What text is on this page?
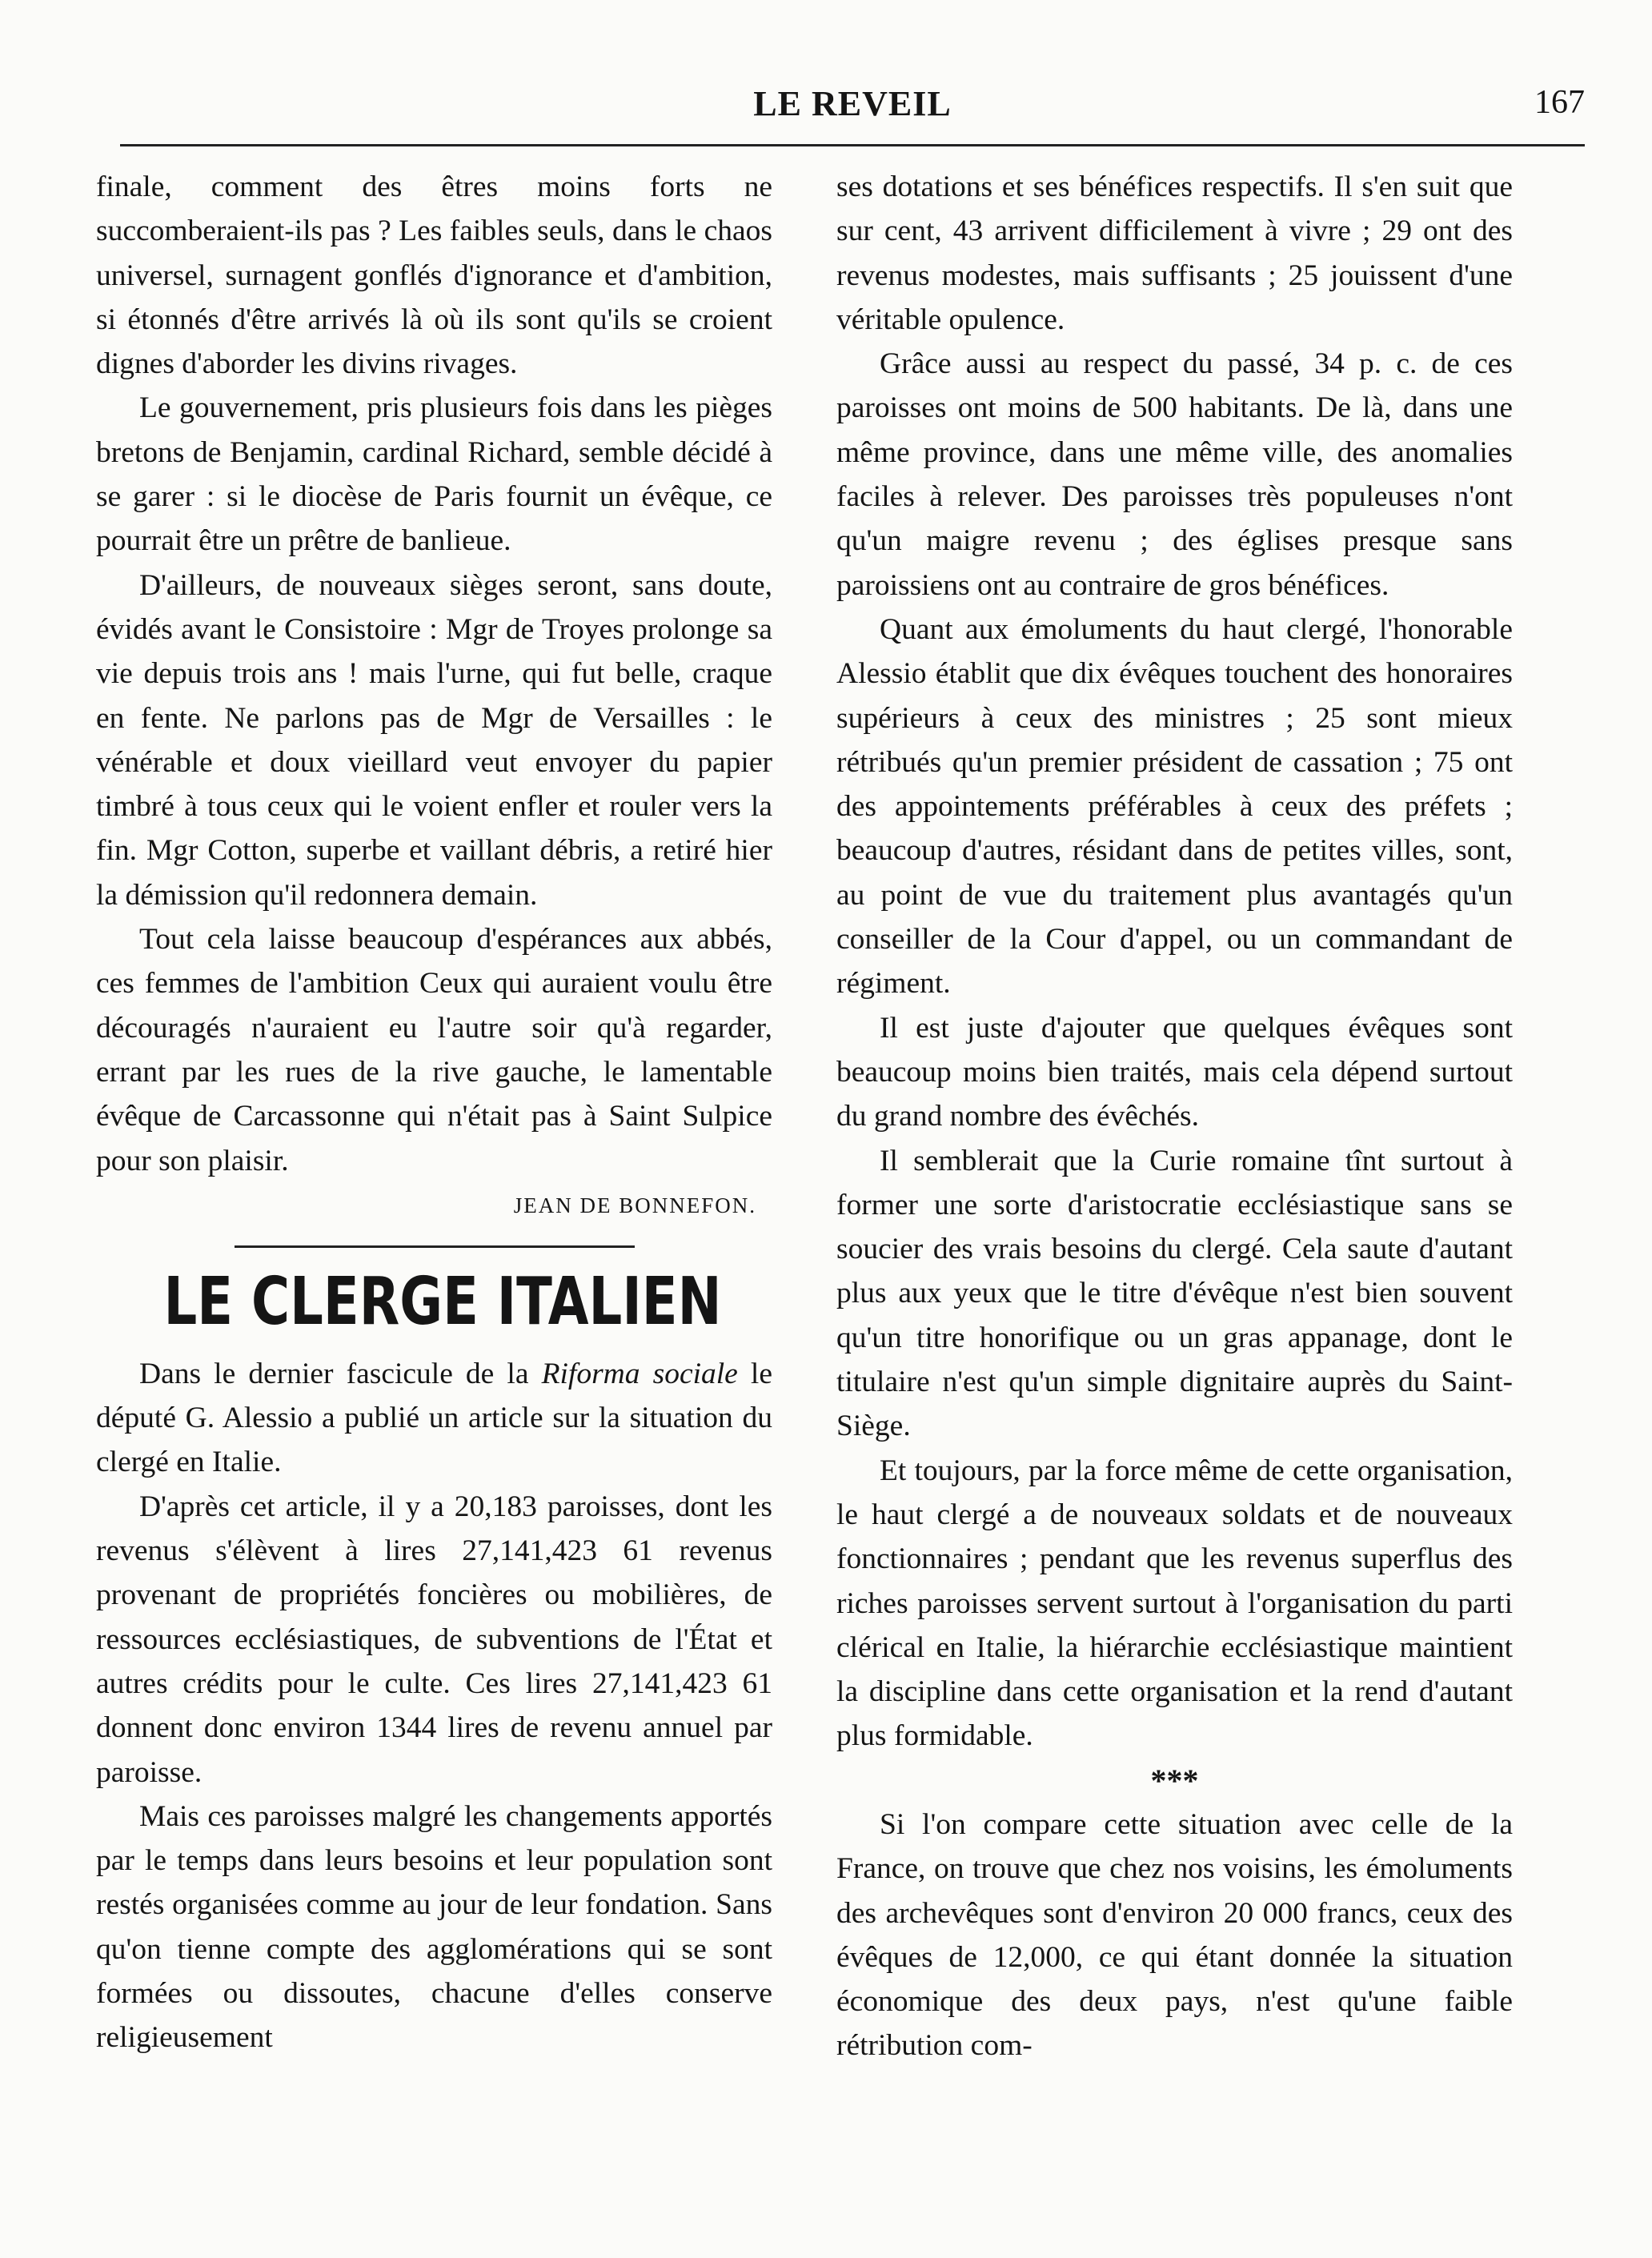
LE REVEIL	167

finale, comment des êtres moins forts ne succomberaient-ils pas ? Les faibles seuls, dans le chaos universel, surnagent gonflés d'ignorance et d'ambition, si étonnés d'être arrivés là où ils sont qu'ils se croient dignes d'aborder les divins rivages.

Le gouvernement, pris plusieurs fois dans les pièges bretons de Benjamin, cardinal Richard, semble décidé à se garer : si le diocèse de Paris fournit un évêque, ce pourrait être un prêtre de banlieue.

D'ailleurs, de nouveaux sièges seront, sans doute, évidés avant le Consistoire : Mgr de Troyes prolonge sa vie depuis trois ans ! mais l'urne, qui fut belle, craque en fente. Ne parlons pas de Mgr de Versailles : le vénérable et doux vieillard veut envoyer du papier timbré à tous ceux qui le voient enfler et rouler vers la fin. Mgr Cotton, superbe et vaillant débris, a retiré hier la démission qu'il redonnera demain.

Tout cela laisse beaucoup d'espérances aux abbés, ces femmes de l'ambition Ceux qui auraient voulu être découragés n'auraient eu l'autre soir qu'à regarder, errant par les rues de la rive gauche, le lamentable évêque de Carcassonne qui n'était pas à Saint Sulpice pour son plaisir.

JEAN DE BONNEFON.
LE CLERGE ITALIEN

Dans le dernier fascicule de la Riforma sociale le député G. Alessio a publié un article sur la situation du clergé en Italie.

D'après cet article, il y a 20,183 paroisses, dont les revenus s'élèvent à lires 27,141,423 61 revenus provenant de propriétés foncières ou mobilières, de ressources ecclésiastiques, de subventions de l'État et autres crédits pour le culte. Ces lires 27,141,423 61 donnent donc environ 1344 lires de revenu annuel par paroisse.

Mais ces paroisses malgré les changements apportés par le temps dans leurs besoins et leur population sont restés organisées comme au jour de leur fondation. Sans qu'on tienne compte des agglomérations qui se sont formées ou dissoutes, chacune d'elles conserve religieusement

ses dotations et ses bénéfices respectifs. Il s'en suit que sur cent, 43 arrivent difficilement à vivre ; 29 ont des revenus modestes, mais suffisants ; 25 jouissent d'une véritable opulence.

Grâce aussi au respect du passé, 34 p. c. de ces paroisses ont moins de 500 habitants. De là, dans une même province, dans une même ville, des anomalies faciles à relever. Des paroisses très populeuses n'ont qu'un maigre revenu ; des églises presque sans paroissiens ont au contraire de gros bénéfices.

Quant aux émoluments du haut clergé, l'honorable Alessio établit que dix évêques touchent des honoraires supérieurs à ceux des ministres ; 25 sont mieux rétribués qu'un premier président de cassation ; 75 ont des appointements préférables à ceux des préfets ; beaucoup d'autres, résidant dans de petites villes, sont, au point de vue du traitement plus avantagés qu'un conseiller de la Cour d'appel, ou un commandant de régiment.

Il est juste d'ajouter que quelques évêques sont beaucoup moins bien traités, mais cela dépend surtout du grand nombre des évêchés.

Il semblerait que la Curie romaine tînt surtout à former une sorte d'aristocratie ecclésiastique sans se soucier des vrais besoins du clergé. Cela saute d'autant plus aux yeux que le titre d'évêque n'est bien souvent qu'un titre honorifique ou un gras appanage, dont le titulaire n'est qu'un simple dignitaire auprès du Saint-Siège.

Et toujours, par la force même de cette organisation, le haut clergé a de nouveaux soldats et de nouveaux fonctionnaires ; pendant que les revenus superflus des riches paroisses servent surtout à l'organisation du parti clérical en Italie, la hiérarchie ecclésiastique maintient la discipline dans cette organisation et la rend d'autant plus formidable.

***

Si l'on compare cette situation avec celle de la France, on trouve que chez nos voisins, les émoluments des archevêques sont d'environ 20 000 francs, ceux des évêques de 12,000, ce qui étant donnée la situation économique des deux pays, n'est qu'une faible rétribution com-
